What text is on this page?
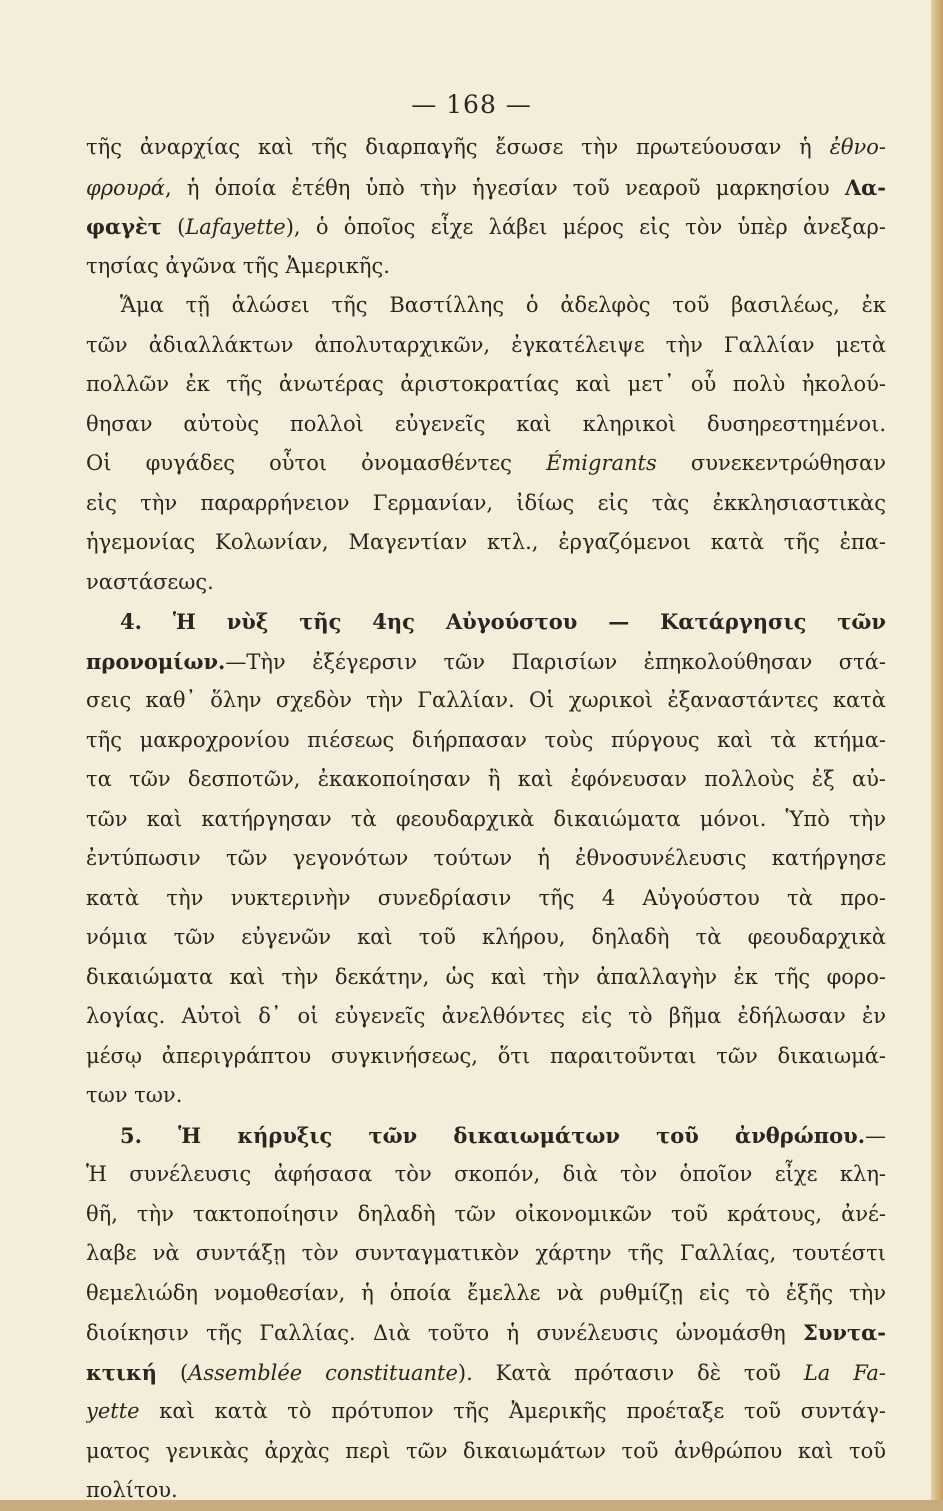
— 168 —
τῆς ἀναρχίας καὶ τῆς διαρπαγῆς ἔσωσε τὴν πρωτεύουσαν ἡ ἐθνο-
φρουρά, ἡ ὁποία ἐτέθη ὑπὸ τὴν ἡγεσίαν τοῦ νεαροῦ μαρκησίου Λα-
φαγὲτ (Lafayette), ὁ ὁποῖος εἶχε λάβει μέρος εἰς τὸν ὑπὲρ ἀνεξαρ-
τησίας ἀγῶνα τῆς Ἀμερικῆς.
Ἅμα τῇ ἁλώσει τῆς Βαστίλλης ὁ ἀδελφὸς τοῦ βασιλέως, ἐκ
τῶν ἀδιαλλάκτων ἀπολυταρχικῶν, ἐγκατέλειψε τὴν Γαλλίαν μετὰ
πολλῶν ἐκ τῆς ἀνωτέρας ἀριστοκρατίας καὶ μετ᾽ οὗ πολὺ ἠκολού-
θησαν αὐτοὺς πολλοὶ εὐγενεῖς καὶ κληρικοὶ δυσηρεστημένοι.
Οἱ φυγάδες οὗτοι ὀνομασθέντες Émigrants συνεκεντρώθησαν
εἰς τὴν παραρρήνειον Γερμανίαν, ἰδίως εἰς τὰς ἐκκλησιαστικὰς
ἡγεμονίας Κολωνίαν, Μαγεντίαν κτλ., ἐργαζόμενοι κατὰ τῆς ἐπα-
ναστάσεως.
4. Ἡ νὺξ τῆς 4ης Αὐγούστου — Κατάργησις τῶν
προνομίων.—Τὴν ἐξέγερσιν τῶν Παρισίων ἐπηκολούθησαν στά-
σεις καθ᾽ ὅλην σχεδὸν τὴν Γαλλίαν. Οἱ χωρικοὶ ἐξαναστάντες κατὰ
τῆς μακροχρονίου πιέσεως διήρπασαν τοὺς πύργους καὶ τὰ κτήμα-
τα τῶν δεσποτῶν, ἐκακοποίησαν ἢ καὶ ἐφόνευσαν πολλοὺς ἐξ αὐ-
τῶν καὶ κατήργησαν τὰ φεουδαρχικὰ δικαιώματα μόνοι. Ὑπὸ τὴν
ἐντύπωσιν τῶν γεγονότων τούτων ἡ ἐθνοσυνέλευσις κατήργησε
κατὰ τὴν νυκτερινὴν συνεδρίασιν τῆς 4 Αὐγούστου τὰ προ-
νόμια τῶν εὐγενῶν καὶ τοῦ κλήρου, δηλαδὴ τὰ φεουδαρχικὰ
δικαιώματα καὶ τὴν δεκάτην, ὡς καὶ τὴν ἀπαλλαγὴν ἐκ τῆς φορο-
λογίας. Αὐτοὶ δ᾽ οἱ εὐγενεῖς ἀνελθόντες εἰς τὸ βῆμα ἐδήλωσαν ἐν
μέσῳ ἀπεριγράπτου συγκινήσεως, ὅτι παραιτοῦνται τῶν δικαιωμά-
των των.
5. Ἡ κήρυξις τῶν δικαιωμάτων τοῦ ἀνθρώπου.—
Ἡ συνέλευσις ἀφήσασα τὸν σκοπόν, διὰ τὸν ὁποῖον εἶχε κλη-
θῆ, τὴν τακτοποίησιν δηλαδὴ τῶν οἰκονομικῶν τοῦ κράτους, ἀνέ-
λαβε νὰ συντάξῃ τὸν συνταγματικὸν χάρτην τῆς Γαλλίας, τουτέστι
θεμελιώδη νομοθεσίαν, ἡ ὁποία ἔμελλε νὰ ρυθμίζῃ εἰς τὸ ἑξῆς τὴν
διοίκησιν τῆς Γαλλίας. Διὰ τοῦτο ἡ συνέλευσις ὠνομάσθη Συντα-
κτική (Assemblée constituante). Κατὰ πρότασιν δὲ τοῦ La Fa-
yette καὶ κατὰ τὸ πρότυπον τῆς Ἀμερικῆς προέταξε τοῦ συντάγ-
ματος γενικὰς ἀρχὰς περὶ τῶν δικαιωμάτων τοῦ ἀνθρώπου καὶ τοῦ
πολίτου.
